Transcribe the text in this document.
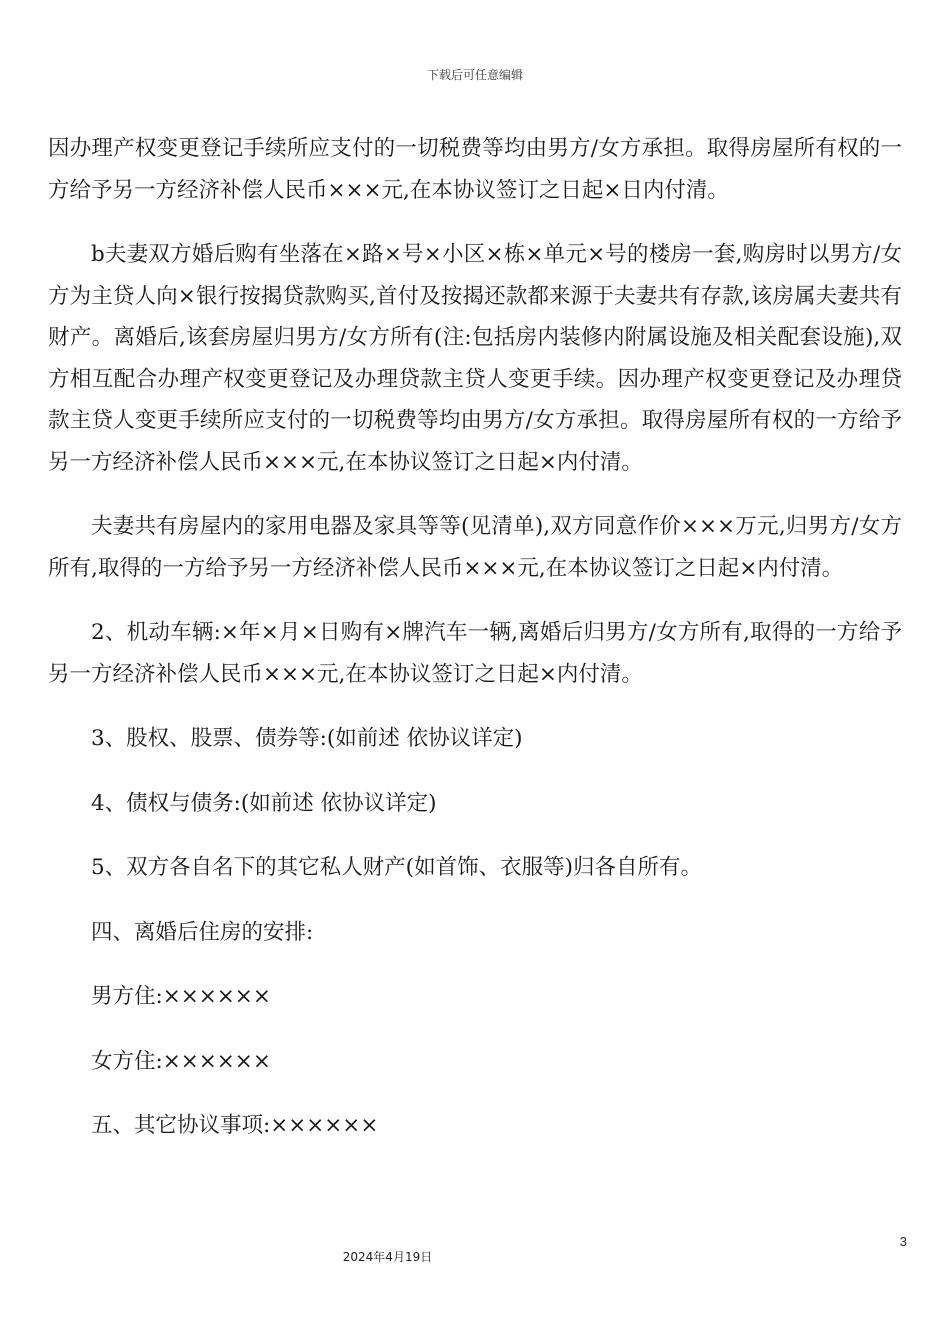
下载后可任意编辑

因办理产权变更登记手续所应支付的一切税费等均由男方/女方承担。取得房屋所有权的一方给予另一方经济补偿人民币×××元,在本协议签订之日起×日内付清。

b夫妻双方婚后购有坐落在×路×号×小区×栋×单元×号的楼房一套,购房时以男方/女方为主贷人向×银行按揭贷款购买,首付及按揭还款都来源于夫妻共有存款,该房属夫妻共有财产。离婚后,该套房屋归男方/女方所有(注:包括房内装修内附属设施及相关配套设施),双方相互配合办理产权变更登记及办理贷款主贷人变更手续。因办理产权变更登记及办理贷款主贷人变更手续所应支付的一切税费等均由男方/女方承担。取得房屋所有权的一方给予另一方经济补偿人民币×××元,在本协议签订之日起×内付清。

夫妻共有房屋内的家用电器及家具等等(见清单),双方同意作价×××万元,归男方/女方所有,取得的一方给予另一方经济补偿人民币×××元,在本协议签订之日起×内付清。

2、机动车辆:×年×月×日购有×牌汽车一辆,离婚后归男方/女方所有,取得的一方给予另一方经济补偿人民币×××元,在本协议签订之日起×内付清。

3、股权、股票、债券等:(如前述 依协议详定)

4、债权与债务:(如前述 依协议详定)

5、双方各自名下的其它私人财产(如首饰、衣服等)归各自所有。

四、离婚后住房的安排:

男方住:××××××

女方住:××××××

五、其它协议事项:××××××

3
2024年4月19日
